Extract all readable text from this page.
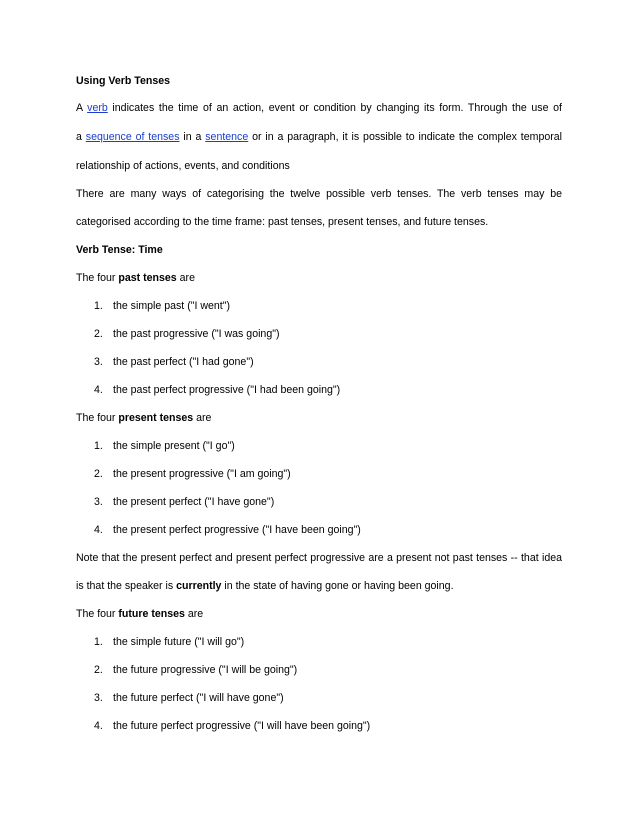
Using Verb Tenses
A verb indicates the time of an action, event or condition by changing its form. Through the use of
a sequence of tenses in a sentence or in a paragraph, it is possible to indicate the complex temporal
relationship of actions, events, and conditions
There are many ways of categorising the twelve possible verb tenses. The verb tenses may be
categorised according to the time frame: past tenses, present tenses, and future tenses.
Verb Tense: Time
The four past tenses are
1. the simple past ("I went")
2. the past progressive ("I was going")
3. the past perfect ("I had gone")
4. the past perfect progressive ("I had been going")
The four present tenses are
1. the simple present ("I go")
2. the present progressive ("I am going")
3. the present perfect ("I have gone")
4. the present perfect progressive ("I have been going")
Note that the present perfect and present perfect progressive are a present not past tenses -- that idea
is that the speaker is currently in the state of having gone or having been going.
The four future tenses are
1. the simple future ("I will go")
2. the future progressive ("I will be going")
3. the future perfect ("I will have gone")
4. the future perfect progressive ("I will have been going")
